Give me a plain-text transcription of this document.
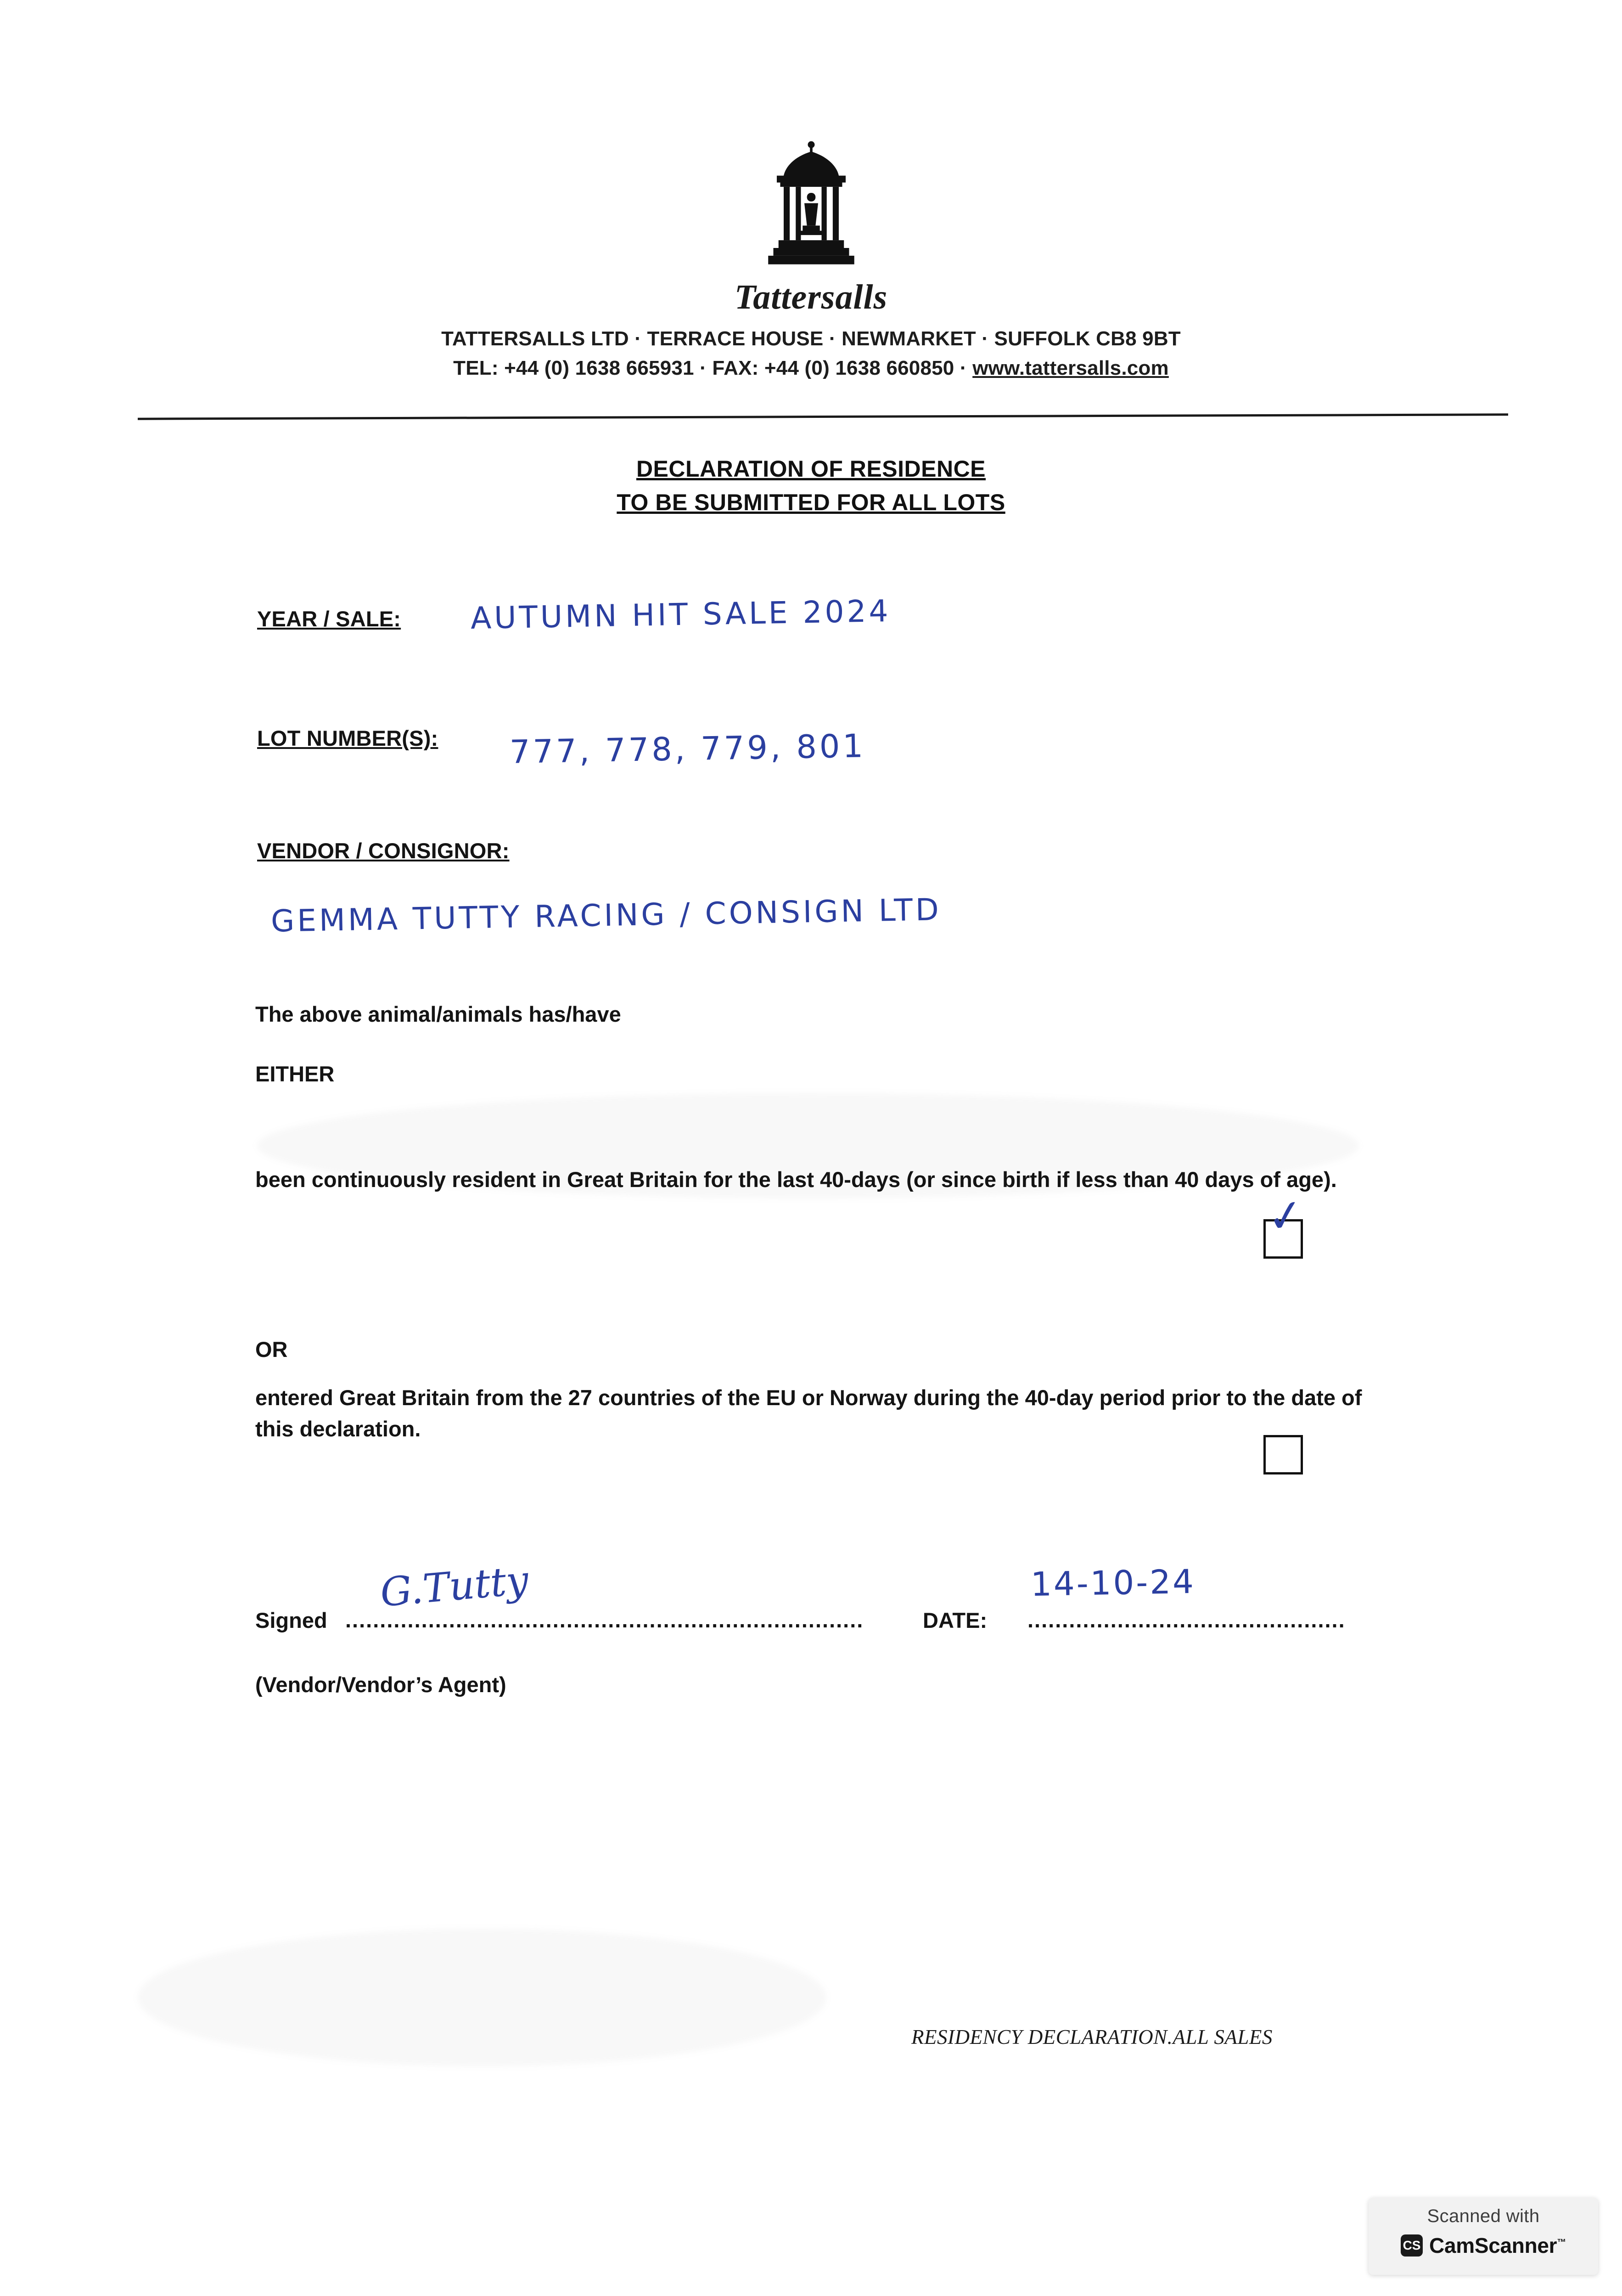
Tattersalls
TATTERSALLS LTD · TERRACE HOUSE · NEWMARKET · SUFFOLK CB8 9BT
TEL: +44 (0) 1638 665931 · FAX: +44 (0) 1638 660850 · www.tattersalls.com
DECLARATION OF RESIDENCE
TO BE SUBMITTED FOR ALL LOTS
YEAR / SALE: AUTUMN HIT SALE 2024
LOT NUMBER(S): 777, 778, 779, 801
VENDOR / CONSIGNOR:
GEMMA TUTTY RACING / CONSIGN LTD
The above animal/animals has/have
EITHER
been continuously resident in Great Britain for the last 40-days (or since birth if less than 40 days of age).
✓
OR
entered Great Britain from the 27 countries of the EU or Norway during the 40-day period prior to the date of this declaration.
Signed ...........................................................................
G.Tutty
DATE: ..............................................
14-10-24
(Vendor/Vendor’s Agent)
RESIDENCY DECLARATION.ALL SALES
Scanned with
CS CamScanner™
